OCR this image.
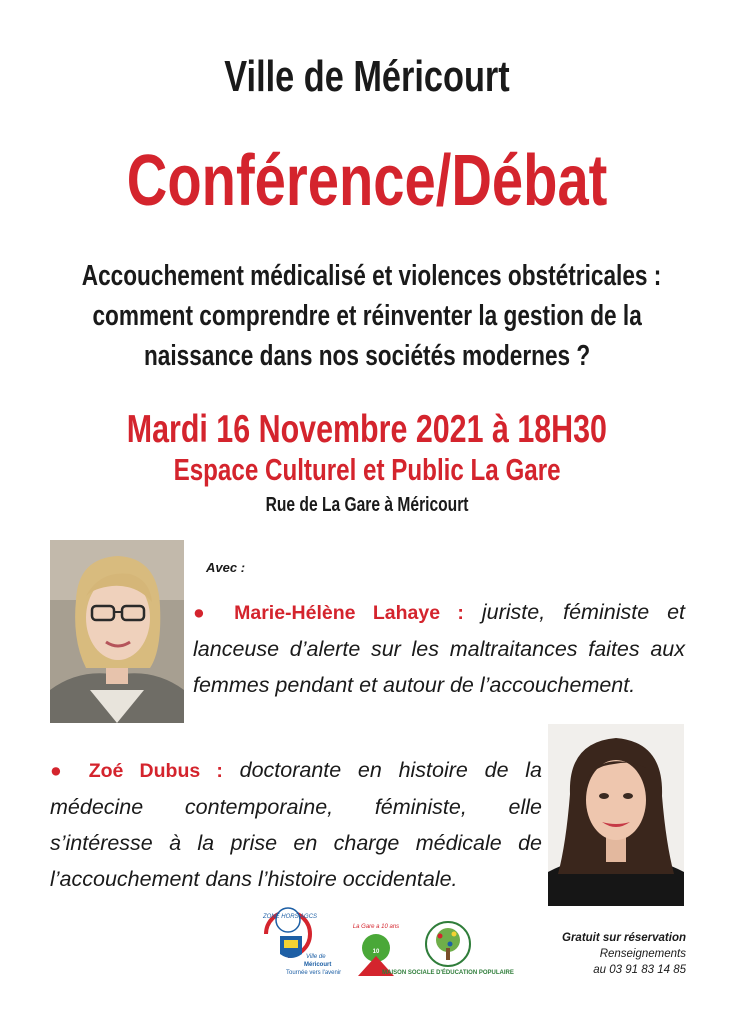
Ville de Méricourt
Conférence/Débat
Accouchement médicalisé et violences obstétricales :
comment comprendre et réinventer la gestion de la
naissance dans nos sociétés modernes ?
Mardi 16 Novembre 2021 à 18H30
Espace Culturel et Public La Gare
Rue de La Gare à Méricourt
Avec :
● Marie-Hélène Lahaye : juriste, féministe et lanceuse d’alerte sur les maltraitances faites aux femmes pendant et autour de l’accouchement.
● Zoé Dubus : doctorante en histoire de la médecine contemporaine, féministe, elle s’intéresse à la prise en charge médicale de l’accouchement dans l’histoire occidentale.
ZONE HORS AGCS
Ville de
Méricourt
Tournée vers l'avenir
La Gare a 10 ans
10
MAISON SOCIALE D'ÉDUCATION POPULAIRE
Gratuit sur réservation
Renseignements
au 03 91 83 14 85
